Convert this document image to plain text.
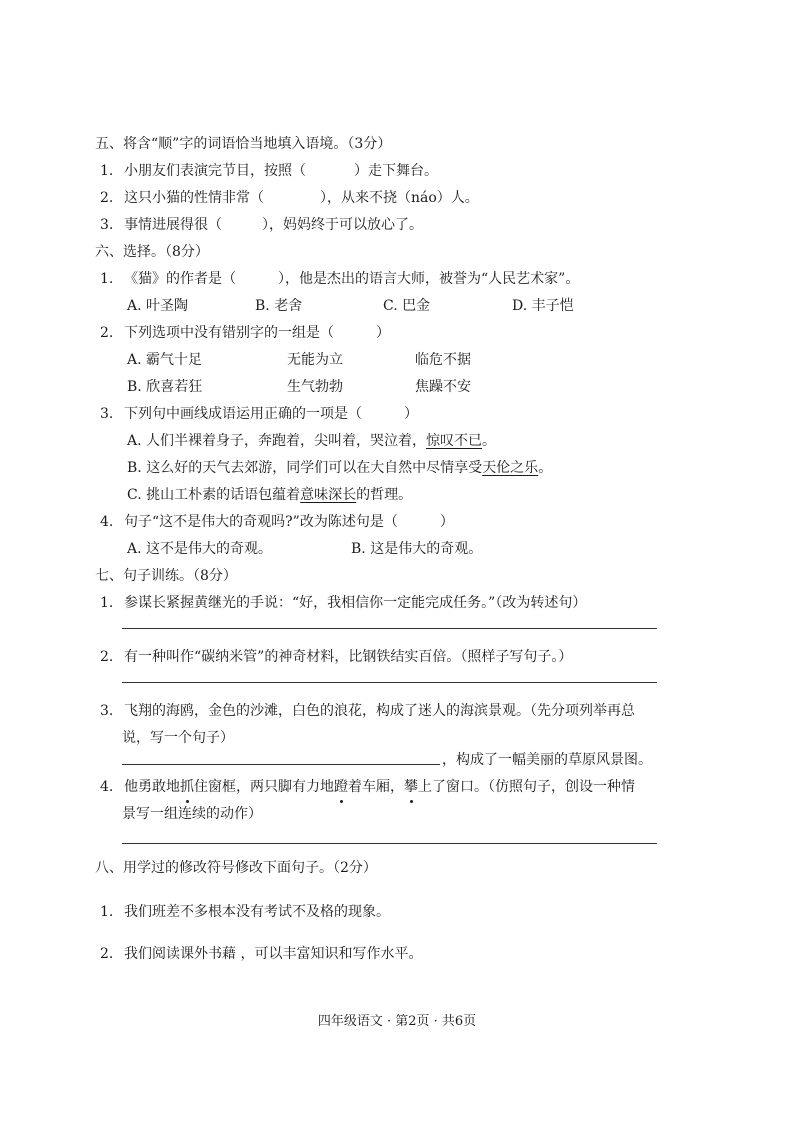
五、将含“顺”字的词语恰当地填入语境。（3分）
1. 小朋友们表演完节目，按照（	）走下舞台。
2. 这只小猫的性情非常（	），从来不挠（náo）人。
3. 事情进展得很（	），妈妈终于可以放心了。
六、选择。（8分）
1. 《猫》的作者是（　　　），他是杰出的语言大师，被誉为“人民艺术家”。
A. 叶圣陶	B. 老舍	C. 巴金	D. 丰子恺
2. 下列选项中没有错别字的一组是（　　　）
A. 霸气十足	无能为立	临危不据
B. 欣喜若狂	生气勃勃	焦躁不安
3. 下列句中画线成语运用正确的一项是（　　　）
A. 人们半裸着身子，奔跑着，尖叫着，哭泣着，惊叹不已。
B. 这么好的天气去郊游，同学们可以在大自然中尽情享受天伦之乐。
C. 挑山工朴素的话语包蕴着意味深长的哲理。
4. 句子“这不是伟大的奇观吗?”改为陈述句是（　　　）
A. 这不是伟大的奇观。	B. 这是伟大的奇观。
七、句子训练。（8分）
1. 参谋长紧握黄继光的手说：“好，我相信你一定能完成任务。”（改为转述句）
2. 有一种叫作“碳纳米管”的神奇材料，比钢铁结实百倍。（照样子写句子。）
3. 飞翔的海鸥，金色的沙滩，白色的浪花，构成了迷人的海滨景观。（先分项列举再总
说，写一个句子）
，构成了一幅美丽的草原风景图。
4. 他勇敢地抓住窗框，两只脚有力地蹬着车厢，攀上了窗口。（仿照句子，创设一种情
景写一组连续的动作）
八、用学过的修改符号修改下面句子。（2分）
1. 我们班差不多根本没有考试不及格的现象。
2. 我们阅读课外书藉 ，可以丰富知识和写作水平。
四年级语文 · 第2页 · 共6页
